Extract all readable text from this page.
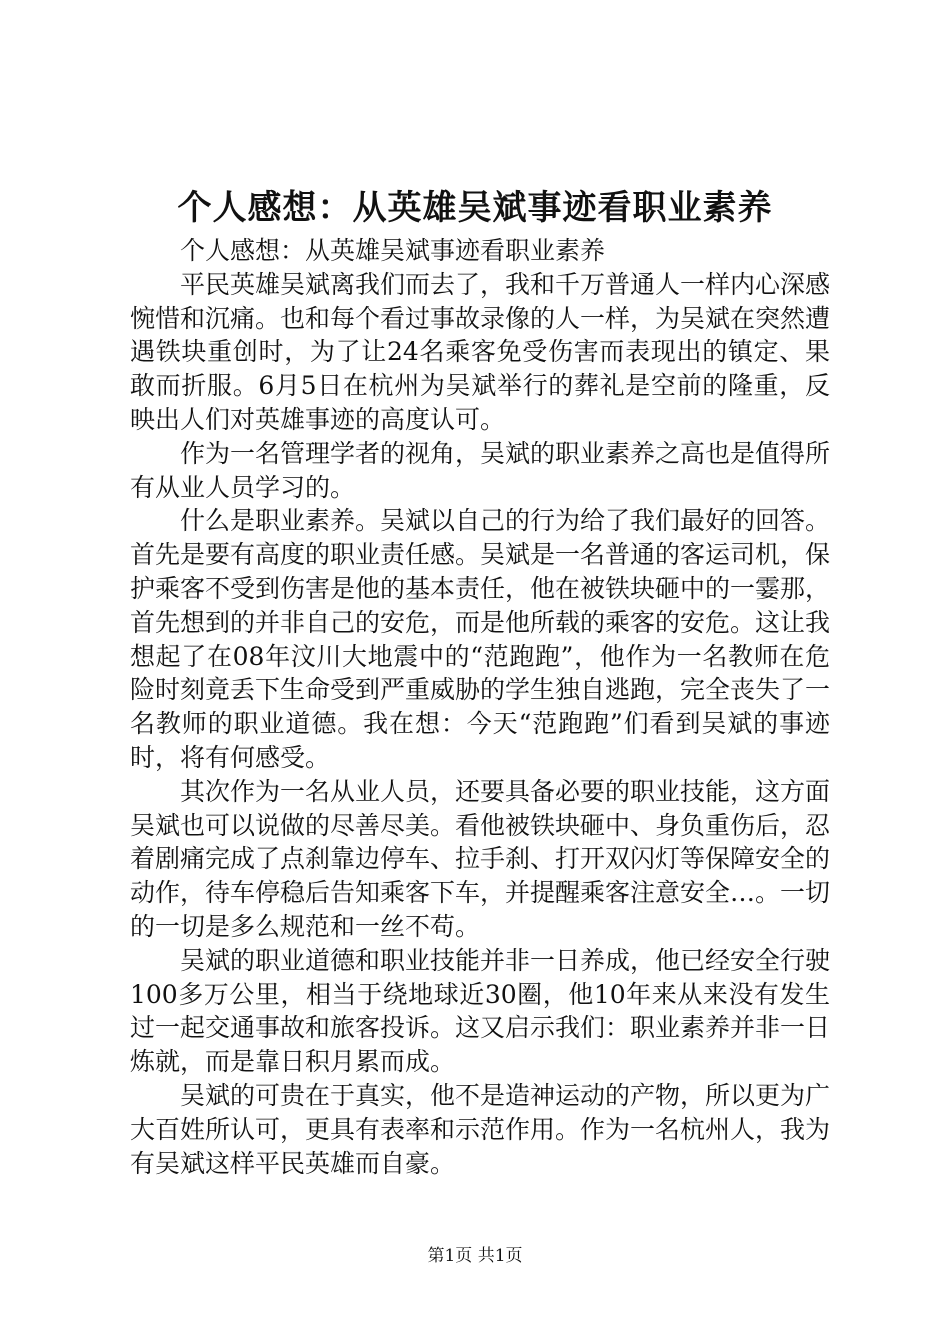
个人感想：从英雄吴斌事迹看职业素养

个人感想：从英雄吴斌事迹看职业素养

平民英雄吴斌离我们而去了，我和千万普通人一样内心深感惋惜和沉痛。也和每个看过事故录像的人一样，为吴斌在突然遭遇铁块重创时，为了让24名乘客免受伤害而表现出的镇定、果敢而折服。6月5日在杭州为吴斌举行的葬礼是空前的隆重，反映出人们对英雄事迹的高度认可。

作为一名管理学者的视角，吴斌的职业素养之高也是值得所有从业人员学习的。

什么是职业素养。吴斌以自己的行为给了我们最好的回答。首先是要有高度的职业责任感。吴斌是一名普通的客运司机，保护乘客不受到伤害是他的基本责任，他在被铁块砸中的一霎那，首先想到的并非自己的安危，而是他所载的乘客的安危。这让我想起了在08年汶川大地震中的“范跑跑”，他作为一名教师在危险时刻竟丢下生命受到严重威胁的学生独自逃跑，完全丧失了一名教师的职业道德。我在想：今天“范跑跑”们看到吴斌的事迹时，将有何感受。

其次作为一名从业人员，还要具备必要的职业技能，这方面吴斌也可以说做的尽善尽美。看他被铁块砸中、身负重伤后，忍着剧痛完成了点刹靠边停车、拉手刹、打开双闪灯等保障安全的动作，待车停稳后告知乘客下车，并提醒乘客注意安全…。一切的一切是多么规范和一丝不苟。

吴斌的职业道德和职业技能并非一日养成，他已经安全行驶100多万公里，相当于绕地球近30圈，他10年来从来没有发生过一起交通事故和旅客投诉。这又启示我们：职业素养并非一日炼就，而是靠日积月累而成。

吴斌的可贵在于真实，他不是造神运动的产物，所以更为广大百姓所认可，更具有表率和示范作用。作为一名杭州人，我为有吴斌这样平民英雄而自豪。

第1页 共1页
